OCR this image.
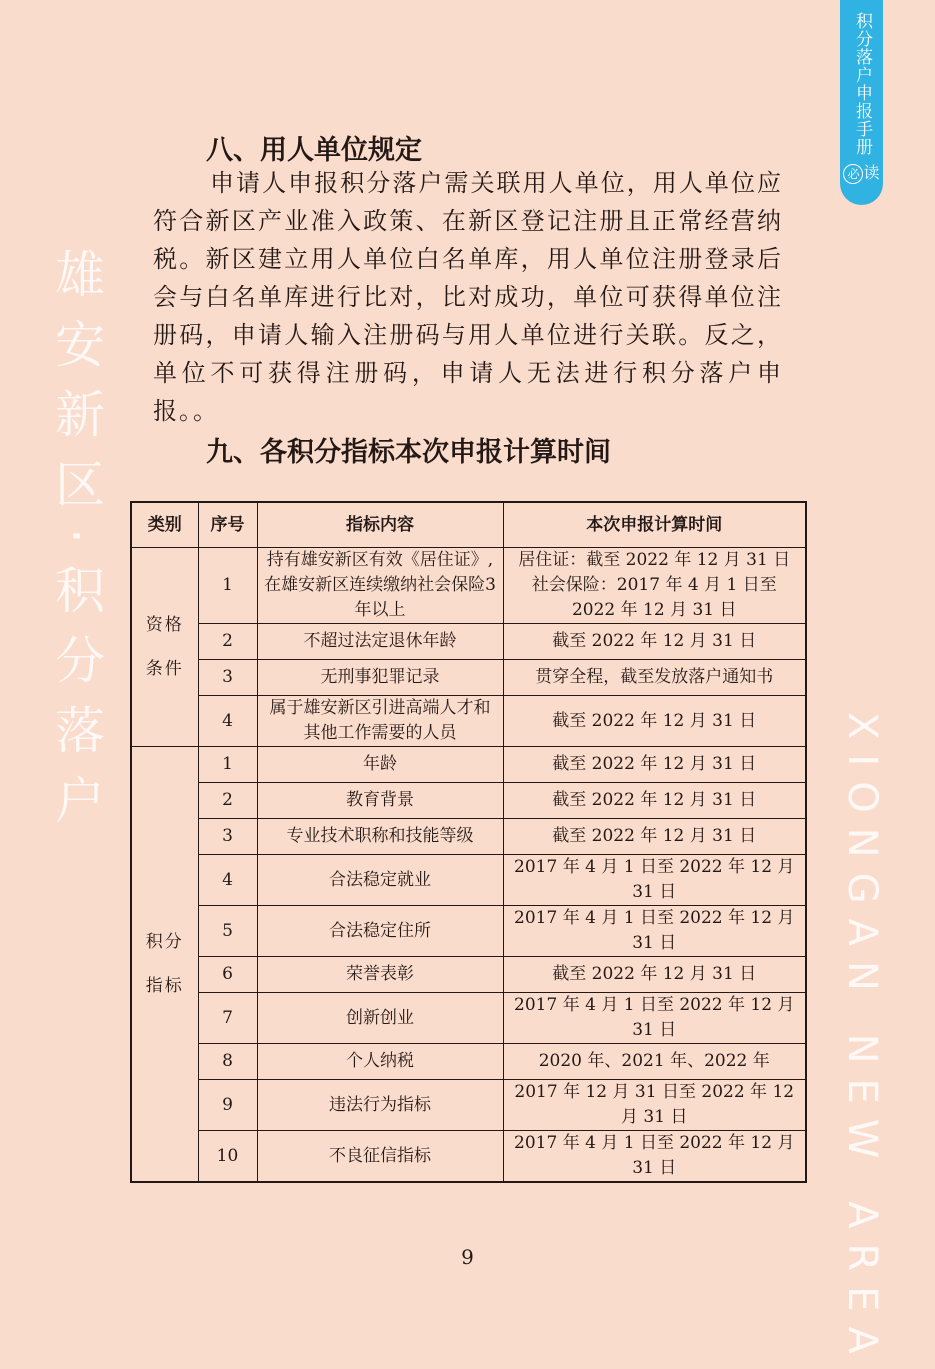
积分落户申报手册
必 读
雄安新区·积分落户
XIONGAN NEW AREA
八、用人单位规定

申请人申报积分落户需关联用人单位，用人单位应符合新区产业准入政策、在新区登记注册且正常经营纳税。新区建立用人单位白名单库，用人单位注册登录后会与白名单库进行比对，比对成功，单位可获得单位注册码，申请人输入注册码与用人单位进行关联。反之，单位不可获得注册码，申请人无法进行积分落户申报。。

九、各积分指标本次申报计算时间
类别	序号	指标内容	本次申报计算时间

资格
条件	1	持有雄安新区有效《居住证》,在雄安新区连续缴纳社会保险3年以上	居住证：截至 2022 年 12 月 31 日 社会保险：2017 年 4 月 1 日至 2022 年 12 月 31 日
	2	不超过法定退休年龄	截至 2022 年 12 月 31 日
	3	无刑事犯罪记录	贯穿全程，截至发放落户通知书
	4	属于雄安新区引进高端人才和其他工作需要的人员	截至 2022 年 12 月 31 日

积分
指标	1	年龄	截至 2022 年 12 月 31 日
	2	教育背景	截至 2022 年 12 月 31 日
	3	专业技术职称和技能等级	截至 2022 年 12 月 31 日
	4	合法稳定就业	2017 年 4 月 1 日至 2022 年 12 月 31 日
	5	合法稳定住所	2017 年 4 月 1 日至 2022 年 12 月 31 日
	6	荣誉表彰	截至 2022 年 12 月 31 日
	7	创新创业	2017 年 4 月 1 日至 2022 年 12 月 31 日
	8	个人纳税	2020 年、2021 年、2022 年
	9	违法行为指标	2017 年 12 月 31 日至 2022 年 12 月 31 日
	10	不良征信指标	2017 年 4 月 1 日至 2022 年 12 月 31 日
9
